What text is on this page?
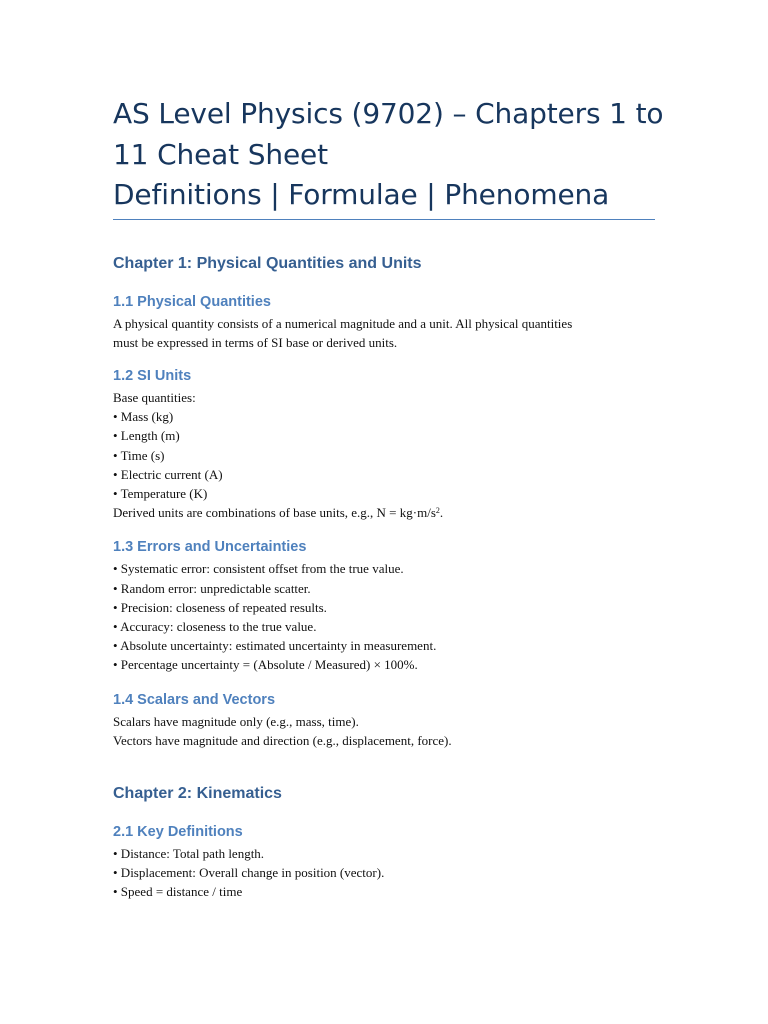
AS Level Physics (9702) – Chapters 1 to
11 Cheat Sheet
Definitions | Formulae | Phenomena
Chapter 1: Physical Quantities and Units
1.1 Physical Quantities

A physical quantity consists of a numerical magnitude and a unit. All physical quantities
must be expressed in terms of SI base or derived units.

1.2 SI Units

Base quantities:
• Mass (kg)
• Length (m)
• Time (s)
• Electric current (A)
• Temperature (K)
Derived units are combinations of base units, e.g., $N = kg\cdot m/s^2$.

1.3 Errors and Uncertainties

• Systematic error: consistent offset from the true value.
• Random error: unpredictable scatter.
• Precision: closeness of repeated results.
• Accuracy: closeness to the true value.
• Absolute uncertainty: estimated uncertainty in measurement.
• Percentage uncertainty = (Absolute / Measured) × 100%.

1.4 Scalars and Vectors

Scalars have magnitude only (e.g., mass, time).
Vectors have magnitude and direction (e.g., displacement, force).

Chapter 2: Kinematics
2.1 Key Definitions

• Distance: Total path length.
• Displacement: Overall change in position (vector).
• Speed = distance / time
